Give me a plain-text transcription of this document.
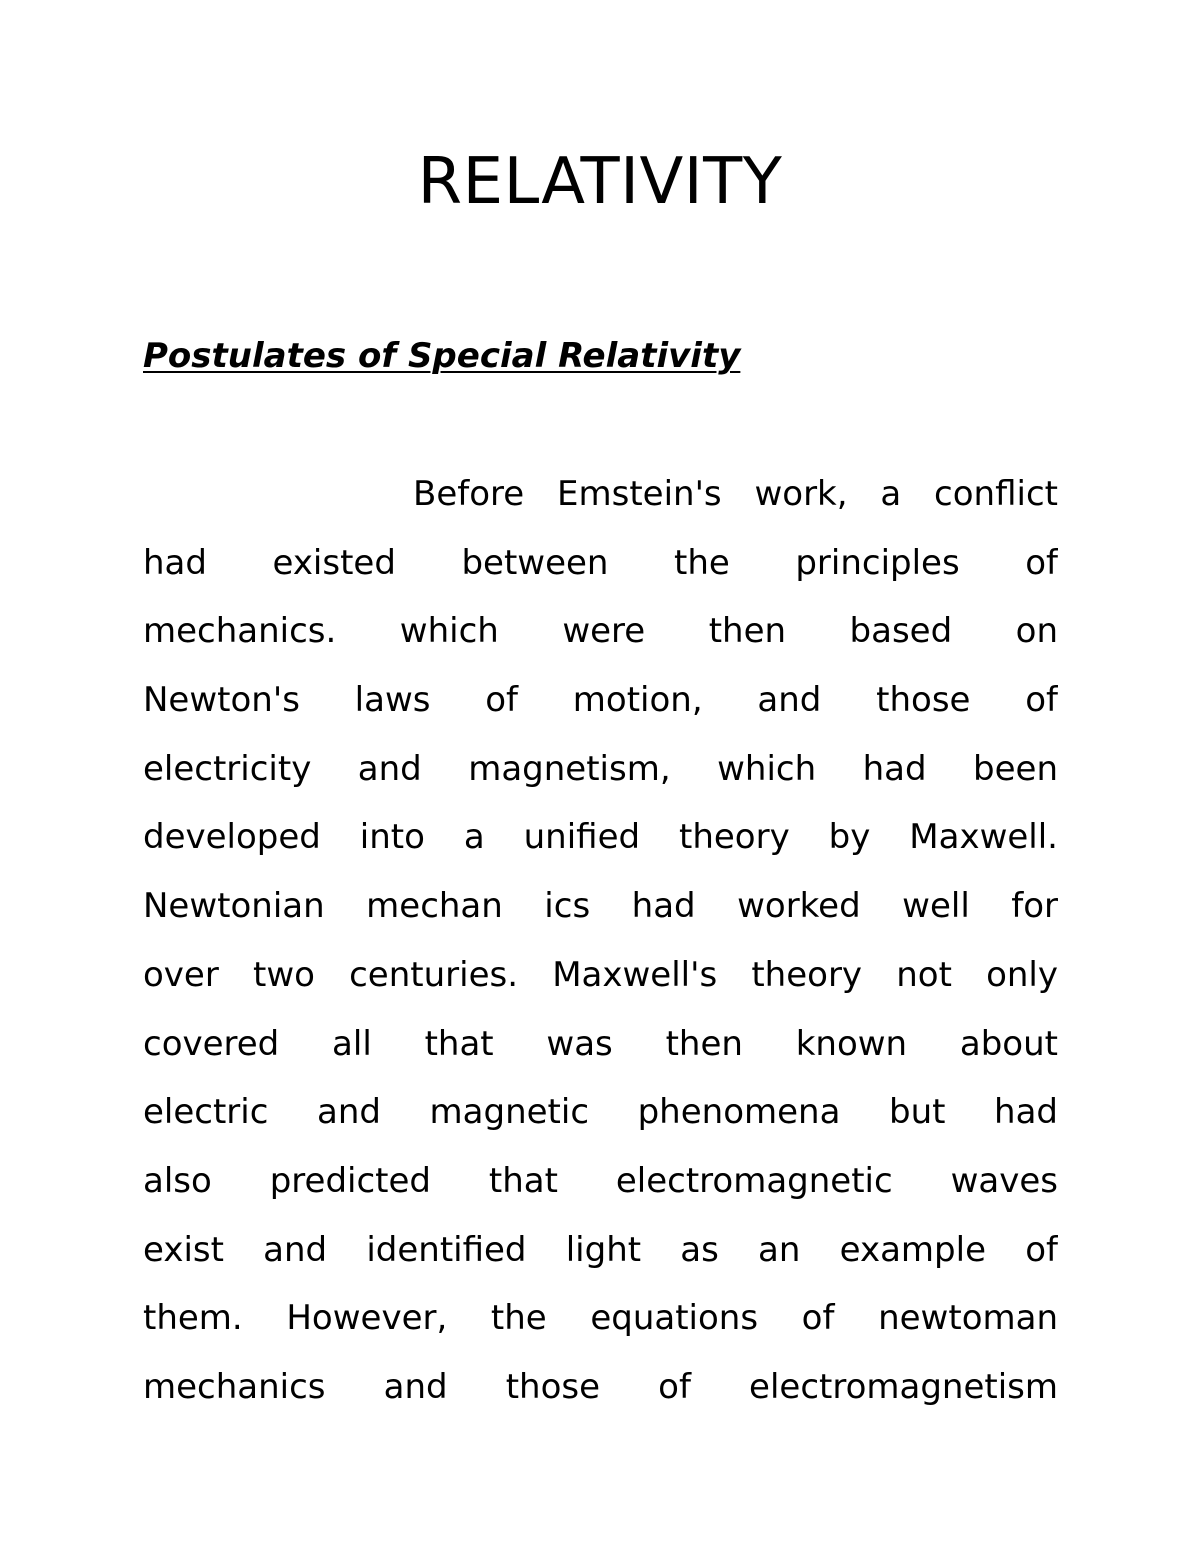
RELATIVITY
Postulates of Special Relativity
Before Emstein's work, a conflict
had existed between the principles of
mechanics. which were then based on
Newton's laws of motion, and those of
electricity and magnetism, which had been
developed into a unified theory by Maxwell.
Newtonian mechan ics had worked well for
over two centuries. Maxwell's theory not only
covered all that was then known about
electric and magnetic phenomena but had
also predicted that electromagnetic waves
exist and identified light as an example of
them. However, the equations of newtoman
mechanics and those of electromagnetism
